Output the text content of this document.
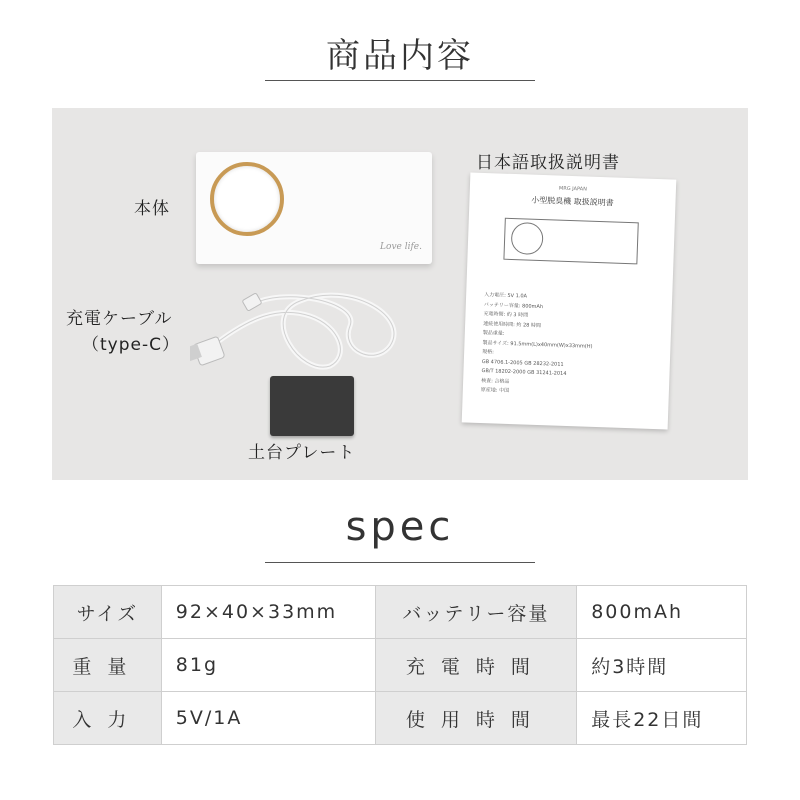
商品内容
本体
Love life.
充電ケーブル
（type-C）
土台プレート
日本語取扱説明書
MRG JAPAN
小型脱臭機 取扱説明書
入力電圧: 5V 1.0A
バッテリー容量: 800mAh
充電時間: 約 3 時間
連続使用時間: 約 28 時間
製品重量:
製品サイズ: 91.5mm(L)x40mm(W)x33mm(H)
規格:
GB 4706.1-2005 GB 28232-2011
GB/T 18202-2000 GB 31241-2014
検査: 合格品
原産地: 中国
spec
サイズ	92×40×33mm	バッテリー容量	800mAh
重量	81g	充電時間	約3時間
入力	5V/1A	使用時間	最長22日間
